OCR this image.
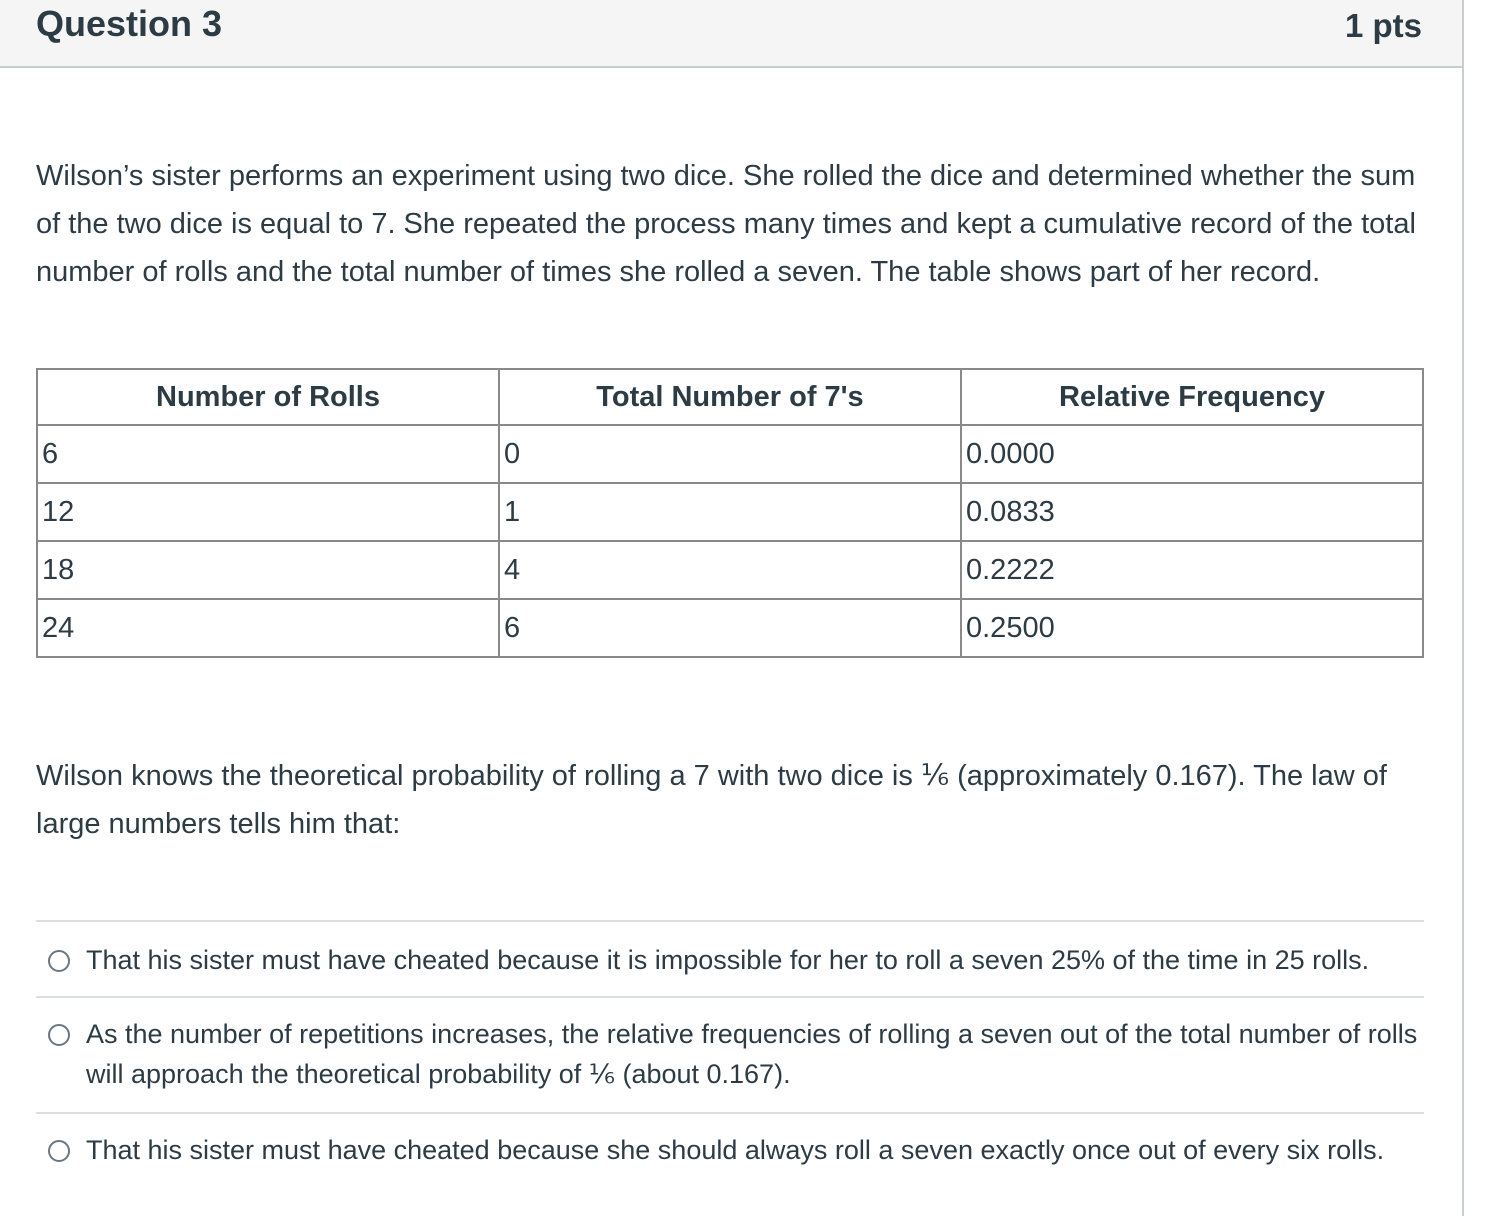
Question 3	1 pts

Wilson’s sister performs an experiment using two dice. She rolled the dice and determined whether the sum of the two dice is equal to 7. She repeated the process many times and kept a cumulative record of the total number of rolls and the total number of times she rolled a seven. The table shows part of her record.

Number of Rolls	Total Number of 7's	Relative Frequency
6	0	0.0000
12	1	0.0833
18	4	0.2222
24	6	0.2500

Wilson knows the theoretical probability of rolling a 7 with two dice is ⅙ (approximately 0.167). The law of large numbers tells him that:

That his sister must have cheated because it is impossible for her to roll a seven 25% of the time in 25 rolls.
As the number of repetitions increases, the relative frequencies of rolling a seven out of the total number of rolls will approach the theoretical probability of ⅙ (about 0.167).
That his sister must have cheated because she should always roll a seven exactly once out of every six rolls.
